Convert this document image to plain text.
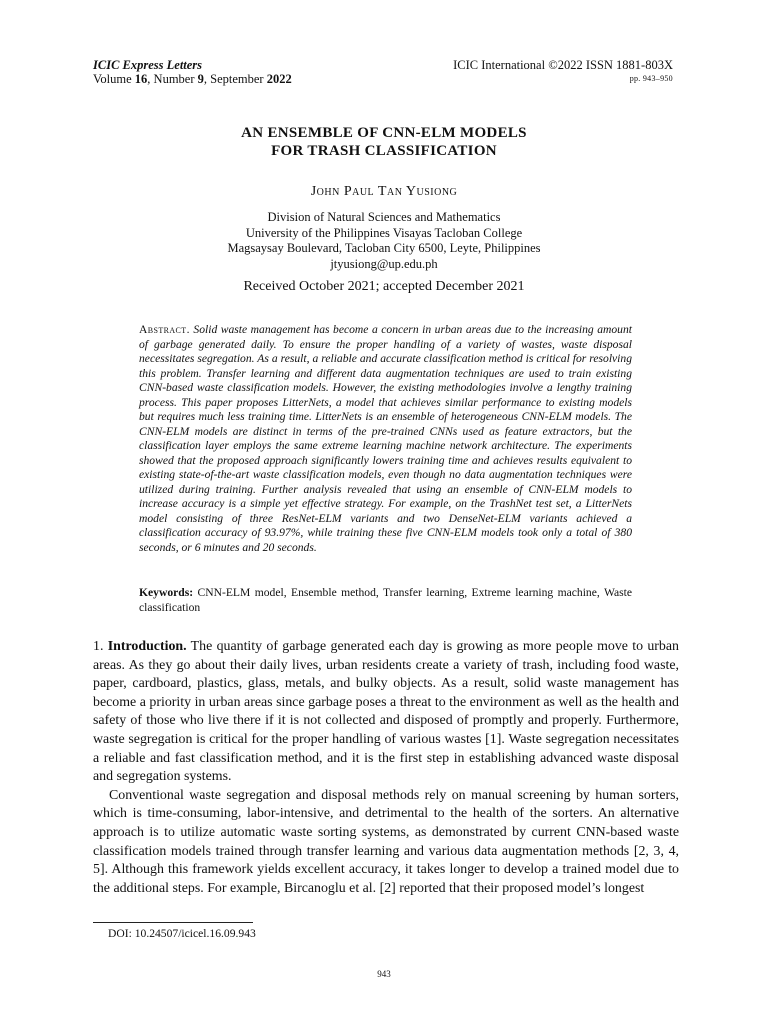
ICIC Express Letters
Volume 16, Number 9, September 2022
ICIC International ©2022 ISSN 1881-803X
pp. 943–950
AN ENSEMBLE OF CNN-ELM MODELS
FOR TRASH CLASSIFICATION
John Paul Tan Yusiong
Division of Natural Sciences and Mathematics
University of the Philippines Visayas Tacloban College
Magsaysay Boulevard, Tacloban City 6500, Leyte, Philippines
jtyusiong@up.edu.ph
Received October 2021; accepted December 2021
Abstract. Solid waste management has become a concern in urban areas due to the increasing amount of garbage generated daily. To ensure the proper handling of a variety of wastes, waste disposal necessitates segregation. As a result, a reliable and accurate classification method is critical for resolving this problem. Transfer learning and different data augmentation techniques are used to train existing CNN-based waste classification models. However, the existing methodologies involve a lengthy training process. This paper proposes LitterNets, a model that achieves similar performance to existing models but requires much less training time. LitterNets is an ensemble of heterogeneous CNN-ELM models. The CNN-ELM models are distinct in terms of the pre-trained CNNs used as feature extractors, but the classification layer employs the same extreme learning machine network architecture. The experiments showed that the proposed approach significantly lowers training time and achieves results equivalent to existing state-of-the-art waste classification models, even though no data augmentation techniques were utilized during training. Further analysis revealed that using an ensemble of CNN-ELM models to increase accuracy is a simple yet effective strategy. For example, on the TrashNet test set, a LitterNets model consisting of three ResNet-ELM variants and two DenseNet-ELM variants achieved a classification accuracy of 93.97%, while training these five CNN-ELM models took only a total of 380 seconds, or 6 minutes and 20 seconds.
Keywords: CNN-ELM model, Ensemble method, Transfer learning, Extreme learning machine, Waste classification

1. Introduction. The quantity of garbage generated each day is growing as more people move to urban areas. As they go about their daily lives, urban residents create a variety of trash, including food waste, paper, cardboard, plastics, glass, metals, and bulky objects. As a result, solid waste management has become a priority in urban areas since garbage poses a threat to the environment as well as the health and safety of those who live there if it is not collected and disposed of promptly and properly. Furthermore, waste segregation is critical for the proper handling of various wastes [1]. Waste segregation necessitates a reliable and fast classification method, and it is the first step in establishing advanced waste disposal and segregation systems.

Conventional waste segregation and disposal methods rely on manual screening by human sorters, which is time-consuming, labor-intensive, and detrimental to the health of the sorters. An alternative approach is to utilize automatic waste sorting systems, as demonstrated by current CNN-based waste classification models trained through transfer learning and various data augmentation methods [2, 3, 4, 5]. Although this framework yields excellent accuracy, it takes longer to develop a trained model due to the additional steps. For example, Bircanoglu et al. [2] reported that their proposed model’s longest

DOI: 10.24507/icicel.16.09.943
943
